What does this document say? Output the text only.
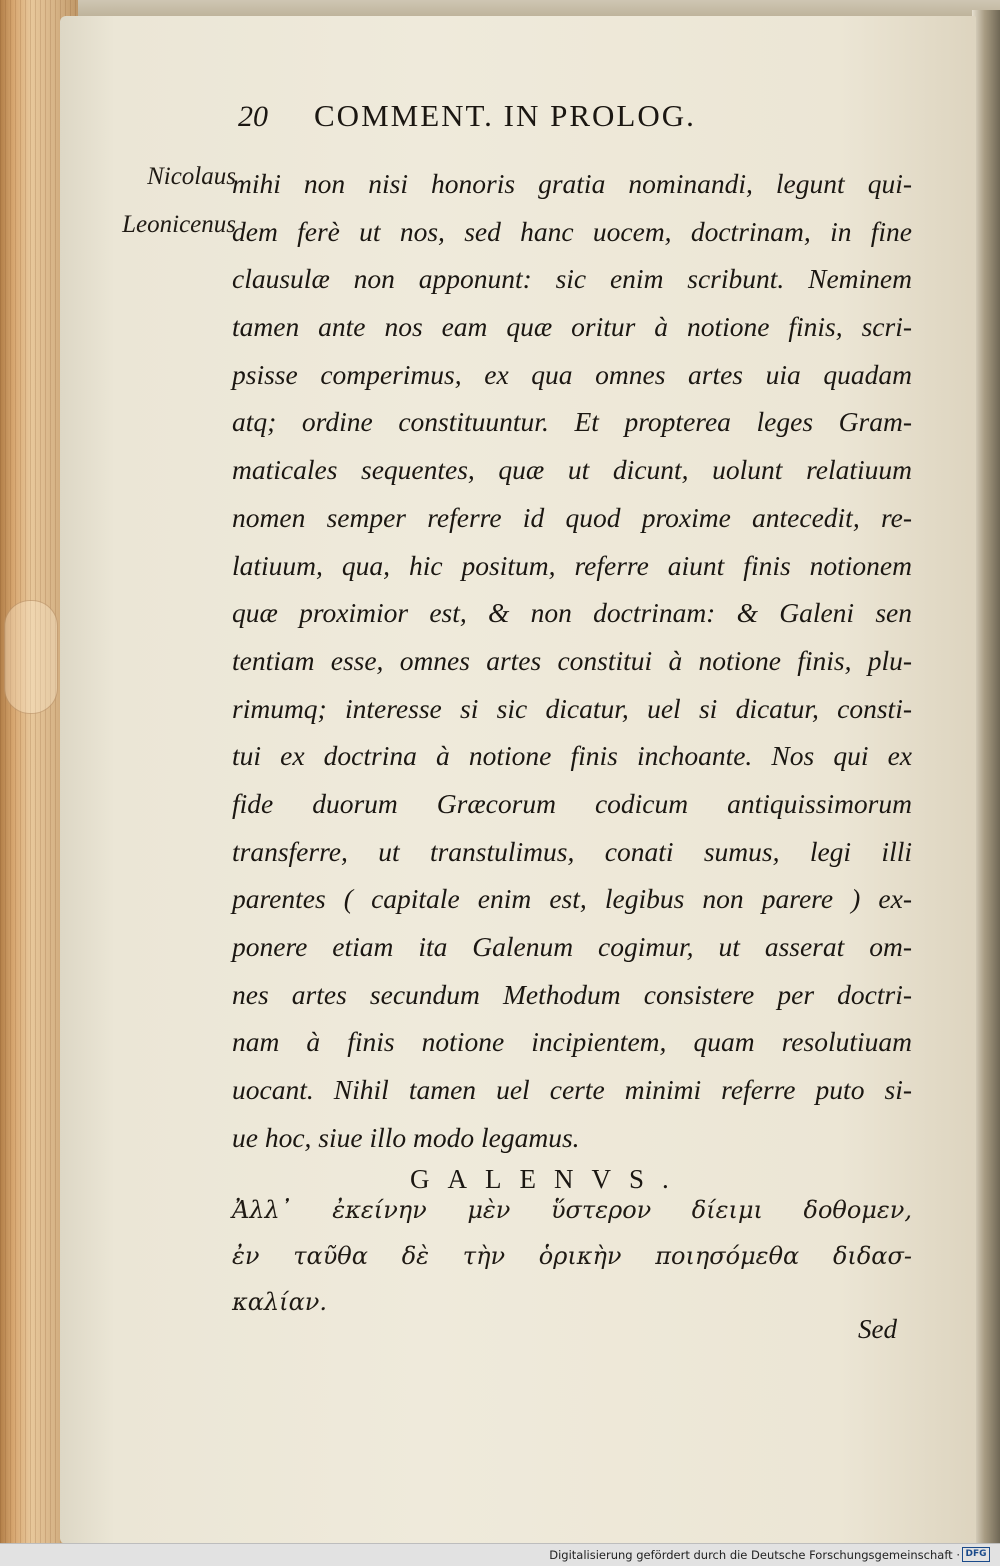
20 COMMENT. IN PROLOG.
Nicolaus
Leonicenus
mihi non nisi honoris gratia nominandi, legunt qui-
dem ferè ut nos, sed hanc uocem, doctrinam, in fine
clausulæ non apponunt: sic enim scribunt. Neminem
tamen ante nos eam quæ oritur à notione finis, scri-
psisse comperimus, ex qua omnes artes uia quadam
atq; ordine constituuntur. Et propterea leges Gram-
maticales sequentes, quæ ut dicunt, uolunt relatiuum
nomen semper referre id quod proxime antecedit, re-
latiuum, qua, hic positum, referre aiunt finis notionem
quæ proximior est, & non doctrinam: & Galeni sen
tentiam esse, omnes artes constitui à notione finis, plu-
rimumq; interesse si sic dicatur, uel si dicatur, consti-
tui ex doctrina à notione finis inchoante. Nos qui ex
fide duorum Græcorum codicum antiquissimorum
transferre, ut transtulimus, conati sumus, legi illi
parentes ( capitale enim est, legibus non parere ) ex-
ponere etiam ita Galenum cogimur, ut asserat om-
nes artes secundum Methodum consistere per doctri-
nam à finis notione incipientem, quam resolutiuam
uocant. Nihil tamen uel certe minimi referre puto si-
ue hoc, siue illo modo legamus.
GALENVS.
Ἀλλ᾽ ἐκείνην μὲν ὕστερον δίειμι δοθομεν,
ἐν ταῦθα δὲ τὴν ὁρικὴν ποιησόμεθα διδασ-
καλίαν.
Sed
Digitalisierung gefördert durch die Deutsche Forschungsgemeinschaft · DFG
